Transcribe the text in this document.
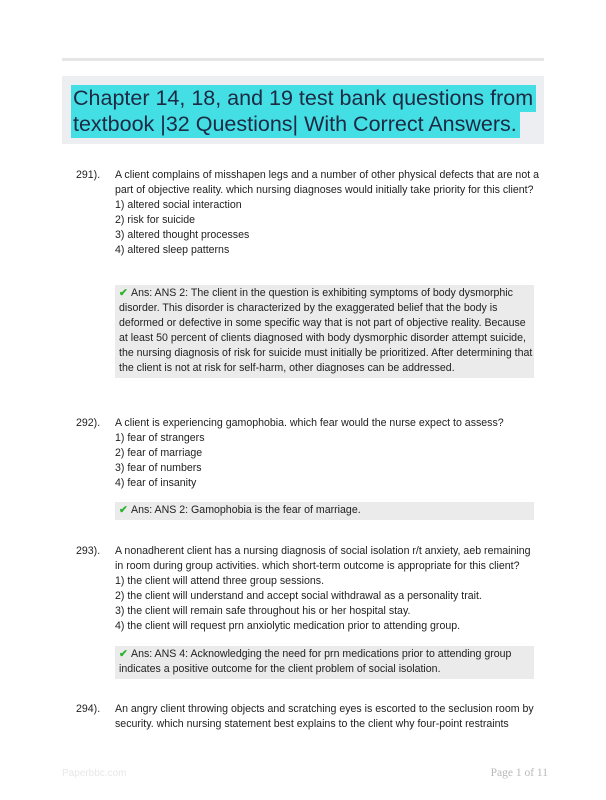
Chapter 14, 18, and 19 test bank questions from textbook |32 Questions| With Correct Answers.
291). A client complains of misshapen legs and a number of other physical defects that are not a part of objective reality. which nursing diagnoses would initially take priority for this client?

1) altered social interaction

2) risk for suicide

3) altered thought processes

4) altered sleep patterns

✔ Ans: ANS 2: The client in the question is exhibiting symptoms of body dysmorphic disorder. This disorder is characterized by the exaggerated belief that the body is deformed or defective in some specific way that is not part of objective reality. Because at least 50 percent of clients diagnosed with body dysmorphic disorder attempt suicide, the nursing diagnosis of risk for suicide must initially be prioritized. After determining that the client is not at risk for self-harm, other diagnoses can be addressed.
292). A client is experiencing gamophobia. which fear would the nurse expect to assess?

1) fear of strangers

2) fear of marriage

3) fear of numbers

4) fear of insanity

✔ Ans: ANS 2: Gamophobia is the fear of marriage.
293). A nonadherent client has a nursing diagnosis of social isolation r/t anxiety, aeb remaining in room during group activities. which short-term outcome is appropriate for this client?

1) the client will attend three group sessions.

2) the client will understand and accept social withdrawal as a personality trait.

3) the client will remain safe throughout his or her hospital stay.

4) the client will request prn anxiolytic medication prior to attending group.

✔ Ans: ANS 4: Acknowledging the need for prn medications prior to attending group indicates a positive outcome for the client problem of social isolation.
294). An angry client throwing objects and scratching eyes is escorted to the seclusion room by security. which nursing statement best explains to the client why four-point restraints

Paperbbc.com	Page 1 of 11
